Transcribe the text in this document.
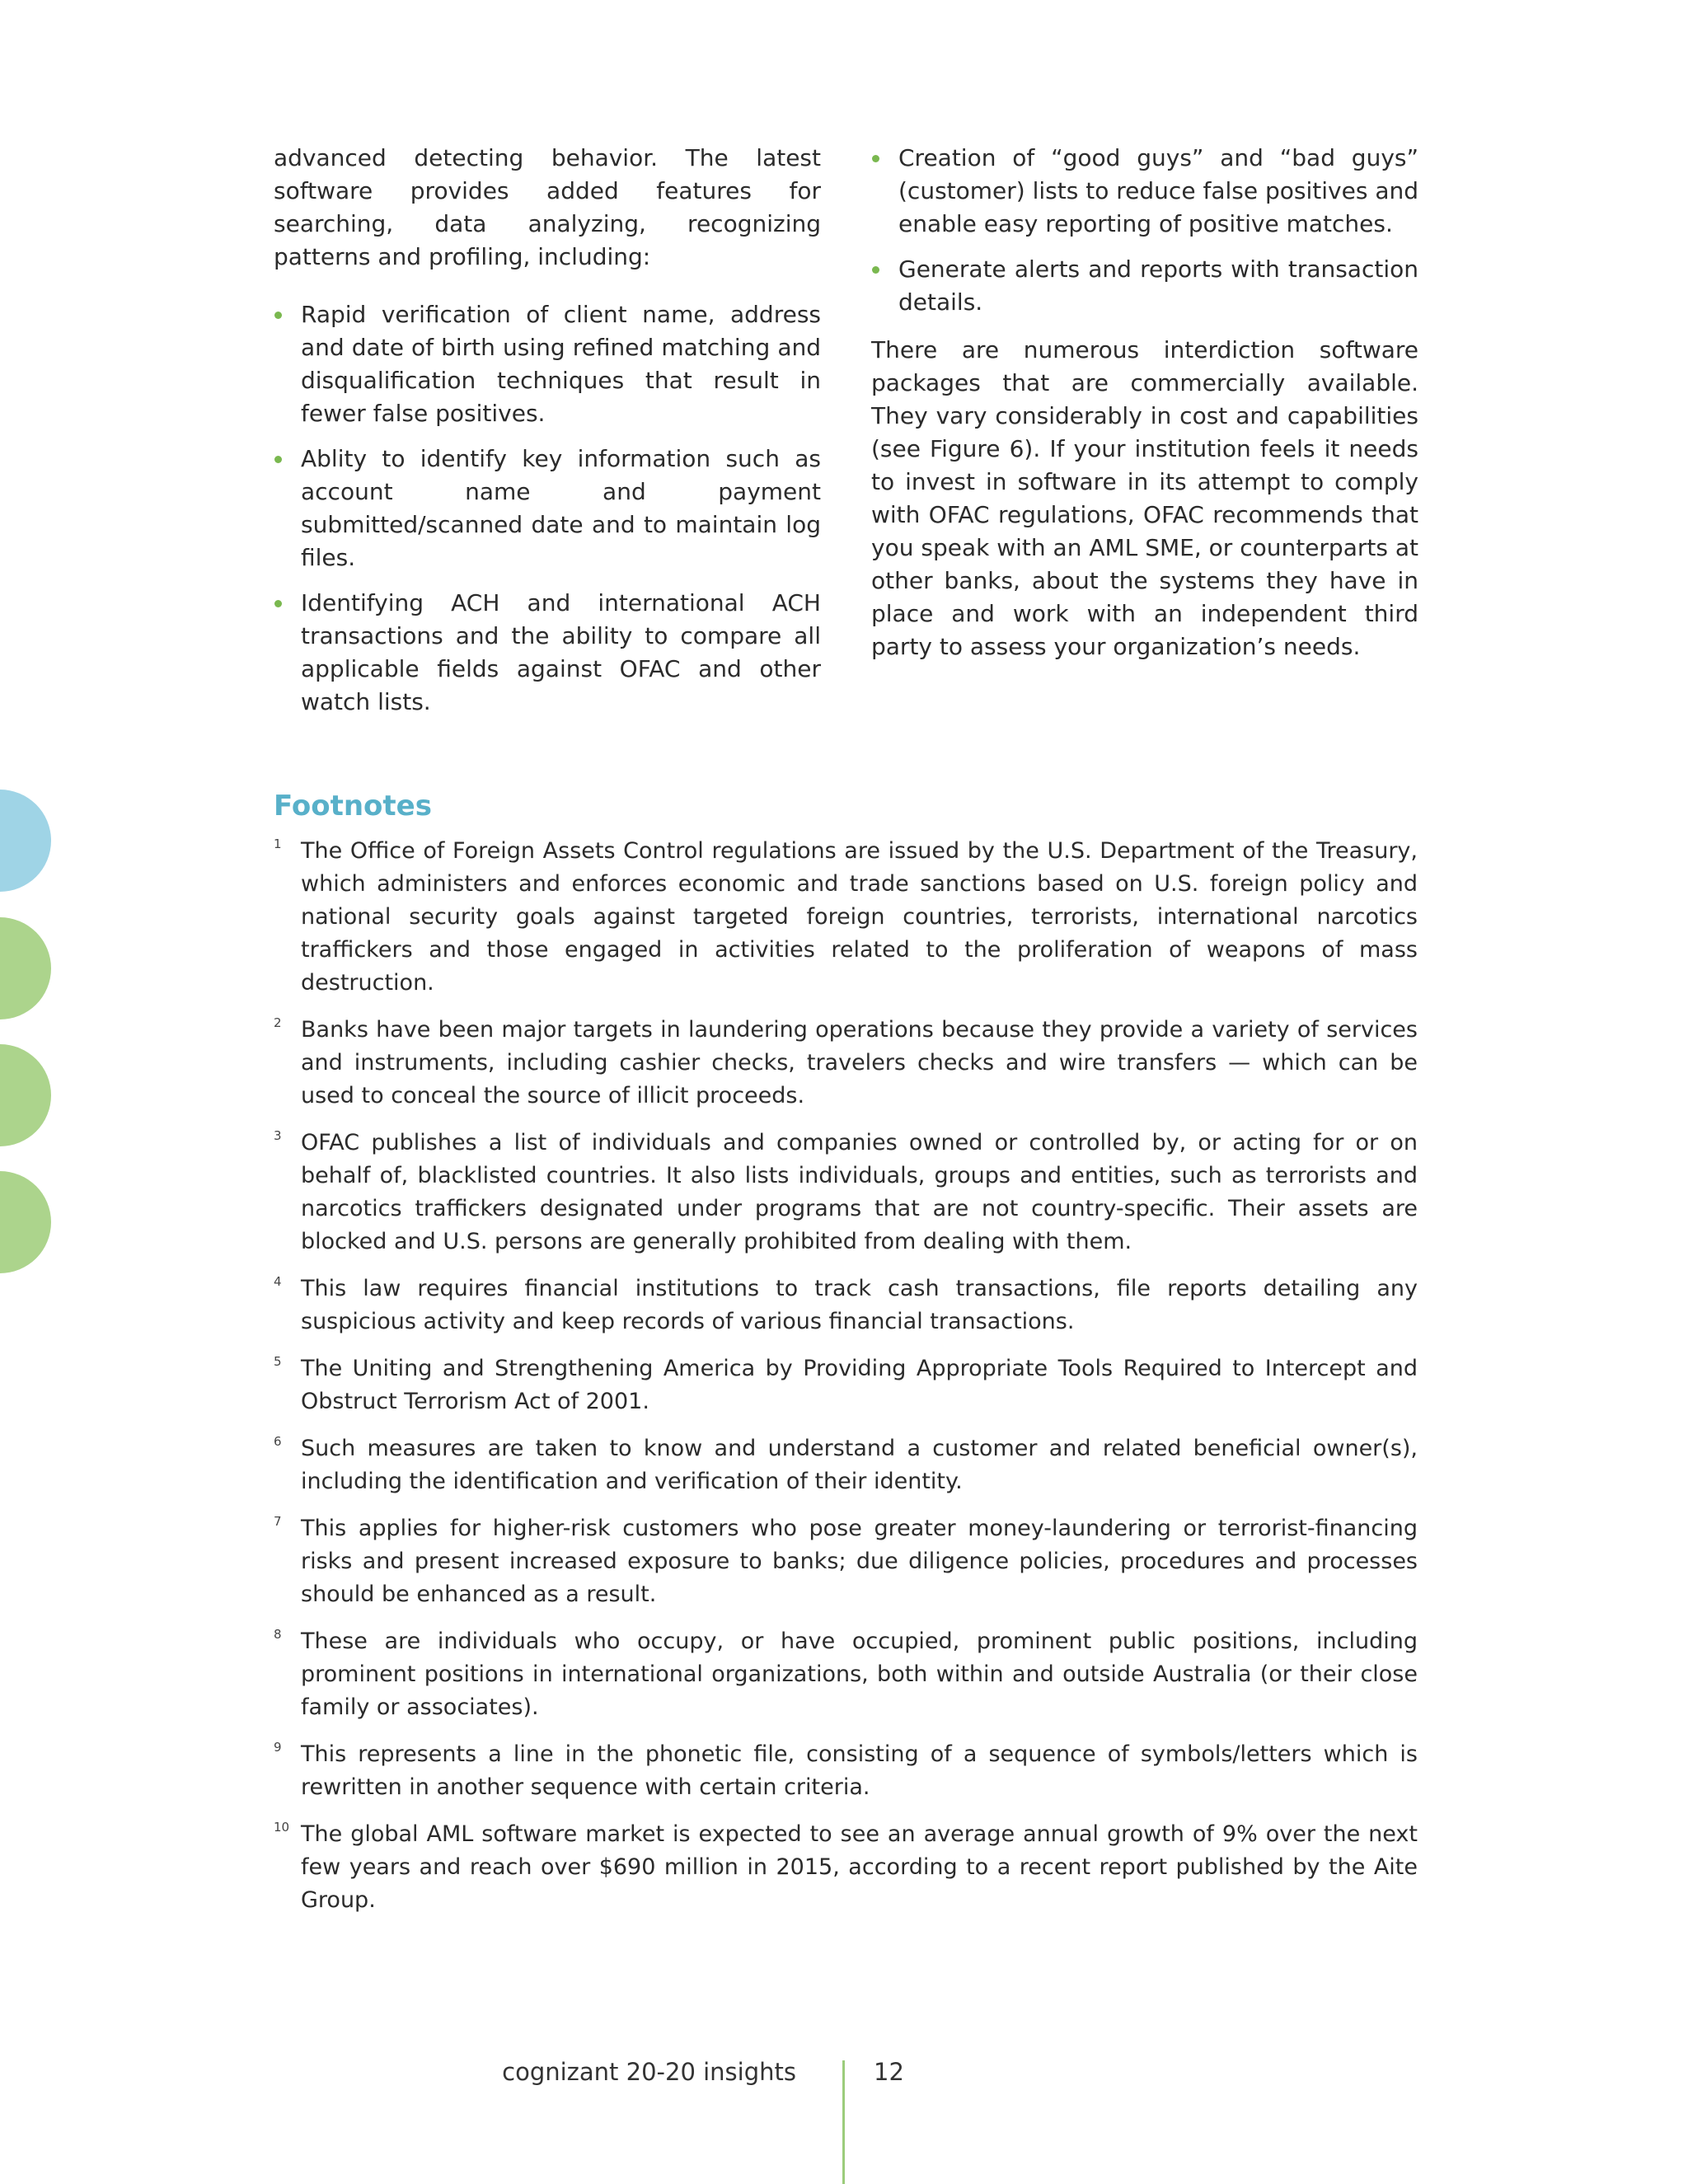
advanced detecting behavior. The latest software provides added features for searching, data analyzing, recognizing patterns and profiling, including:

Rapid verification of client name, address and date of birth using refined matching and disqualification techniques that result in fewer false positives.
Ablity to identify key information such as account name and payment submitted/scanned date and to maintain log files.
Identifying ACH and international ACH transactions and the ability to compare all applicable fields against OFAC and other watch lists.
Creation of “good guys” and “bad guys” (customer) lists to reduce false positives and enable easy reporting of positive matches.
Generate alerts and reports with transaction details.

There are numerous interdiction software packages that are commercially available. They vary considerably in cost and capabilities (see Figure 6). If your institution feels it needs to invest in software in its attempt to comply with OFAC regulations, OFAC recommends that you speak with an AML SME, or counterparts at other banks, about the systems they have in place and work with an independent third party to assess your organization’s needs.

Footnotes
1 The Office of Foreign Assets Control regulations are issued by the U.S. Department of the Treasury, which administers and enforces economic and trade sanctions based on U.S. foreign policy and national security goals against targeted foreign countries, terrorists, international narcotics traffickers and those engaged in activities related to the proliferation of weapons of mass destruction.
2 Banks have been major targets in laundering operations because they provide a variety of services and instruments, including cashier checks, travelers checks and wire transfers — which can be used to conceal the source of illicit proceeds.
3 OFAC publishes a list of individuals and companies owned or controlled by, or acting for or on behalf of, blacklisted countries. It also lists individuals, groups and entities, such as terrorists and narcotics traffickers designated under programs that are not country-specific. Their assets are blocked and U.S. persons are generally prohibited from dealing with them.
4 This law requires financial institutions to track cash transactions, file reports detailing any suspicious activity and keep records of various financial transactions.
5 The Uniting and Strengthening America by Providing Appropriate Tools Required to Intercept and Obstruct Terrorism Act of 2001.
6 Such measures are taken to know and understand a customer and related beneficial owner(s), including the identification and verification of their identity.
7 This applies for higher-risk customers who pose greater money-laundering or terrorist-financing risks and present increased exposure to banks; due diligence policies, procedures and processes should be enhanced as a result.
8 These are individuals who occupy, or have occupied, prominent public positions, including prominent positions in international organizations, both within and outside Australia (or their close family or associates).
9 This represents a line in the phonetic file, consisting of a sequence of symbols/letters which is rewritten in another sequence with certain criteria.
10 The global AML software market is expected to see an average annual growth of 9% over the next few years and reach over $690 million in 2015, according to a recent report published by the Aite Group.
cognizant 20-20 insights	12
